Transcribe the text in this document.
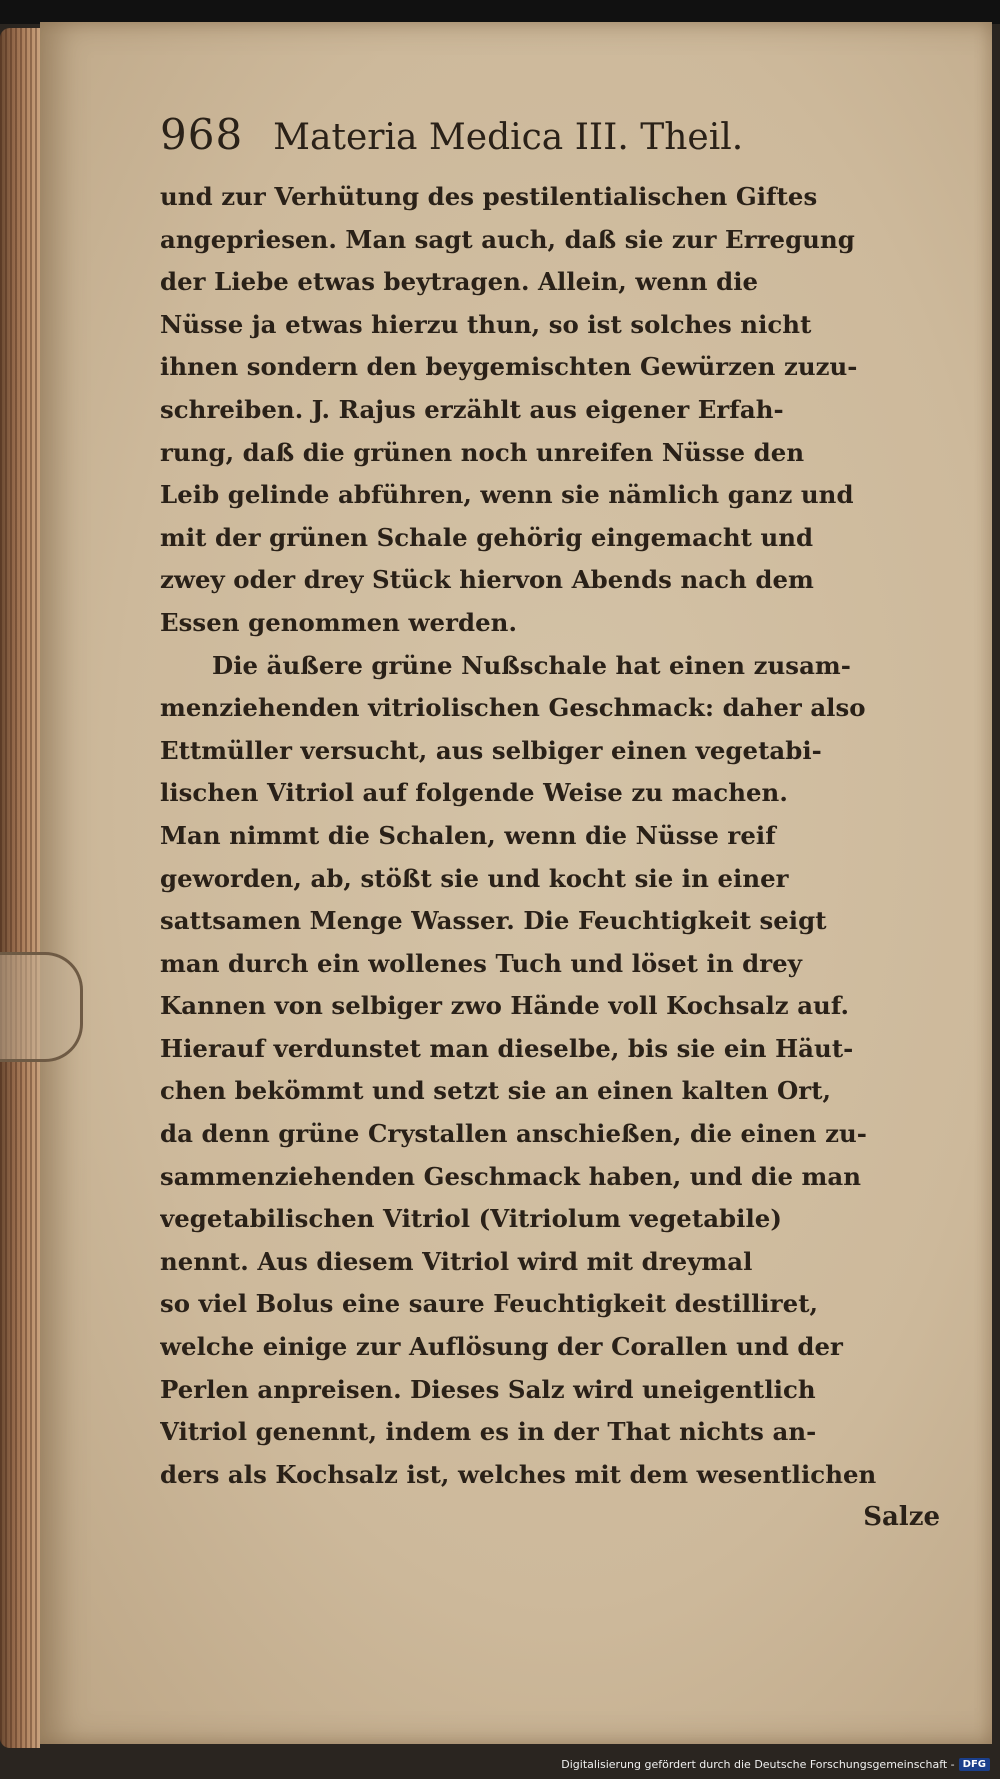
968 Materia Medica III. Theil.
und zur Verhütung des pestilentialischen Giftes
angepriesen. Man sagt auch, daß sie zur Erregung
der Liebe etwas beytragen. Allein, wenn die
Nüsse ja etwas hierzu thun, so ist solches nicht
ihnen sondern den beygemischten Gewürzen zuzu-
schreiben. J. Rajus erzählt aus eigener Erfah-
rung, daß die grünen noch unreifen Nüsse den
Leib gelinde abführen, wenn sie nämlich ganz und
mit der grünen Schale gehörig eingemacht und
zwey oder drey Stück hiervon Abends nach dem
Essen genommen werden.
Die äußere grüne Nußschale hat einen zusam-
menziehenden vitriolischen Geschmack: daher also
Ettmüller versucht, aus selbiger einen vegetabi-
lischen Vitriol auf folgende Weise zu machen.
Man nimmt die Schalen, wenn die Nüsse reif
geworden, ab, stößt sie und kocht sie in einer
sattsamen Menge Wasser. Die Feuchtigkeit seigt
man durch ein wollenes Tuch und löset in drey
Kannen von selbiger zwo Hände voll Kochsalz auf.
Hierauf verdunstet man dieselbe, bis sie ein Häut-
chen bekömmt und setzt sie an einen kalten Ort,
da denn grüne Crystallen anschießen, die einen zu-
sammenziehenden Geschmack haben, und die man
vegetabilischen Vitriol (Vitriolum vegetabile)
nennt. Aus diesem Vitriol wird mit dreymal
so viel Bolus eine saure Feuchtigkeit destilliret,
welche einige zur Auflösung der Corallen und der
Perlen anpreisen. Dieses Salz wird uneigentlich
Vitriol genennt, indem es in der That nichts an-
ders als Kochsalz ist, welches mit dem wesentlichen
Salze
Digitalisierung gefördert durch die Deutsche Forschungsgemeinschaft - DFG
